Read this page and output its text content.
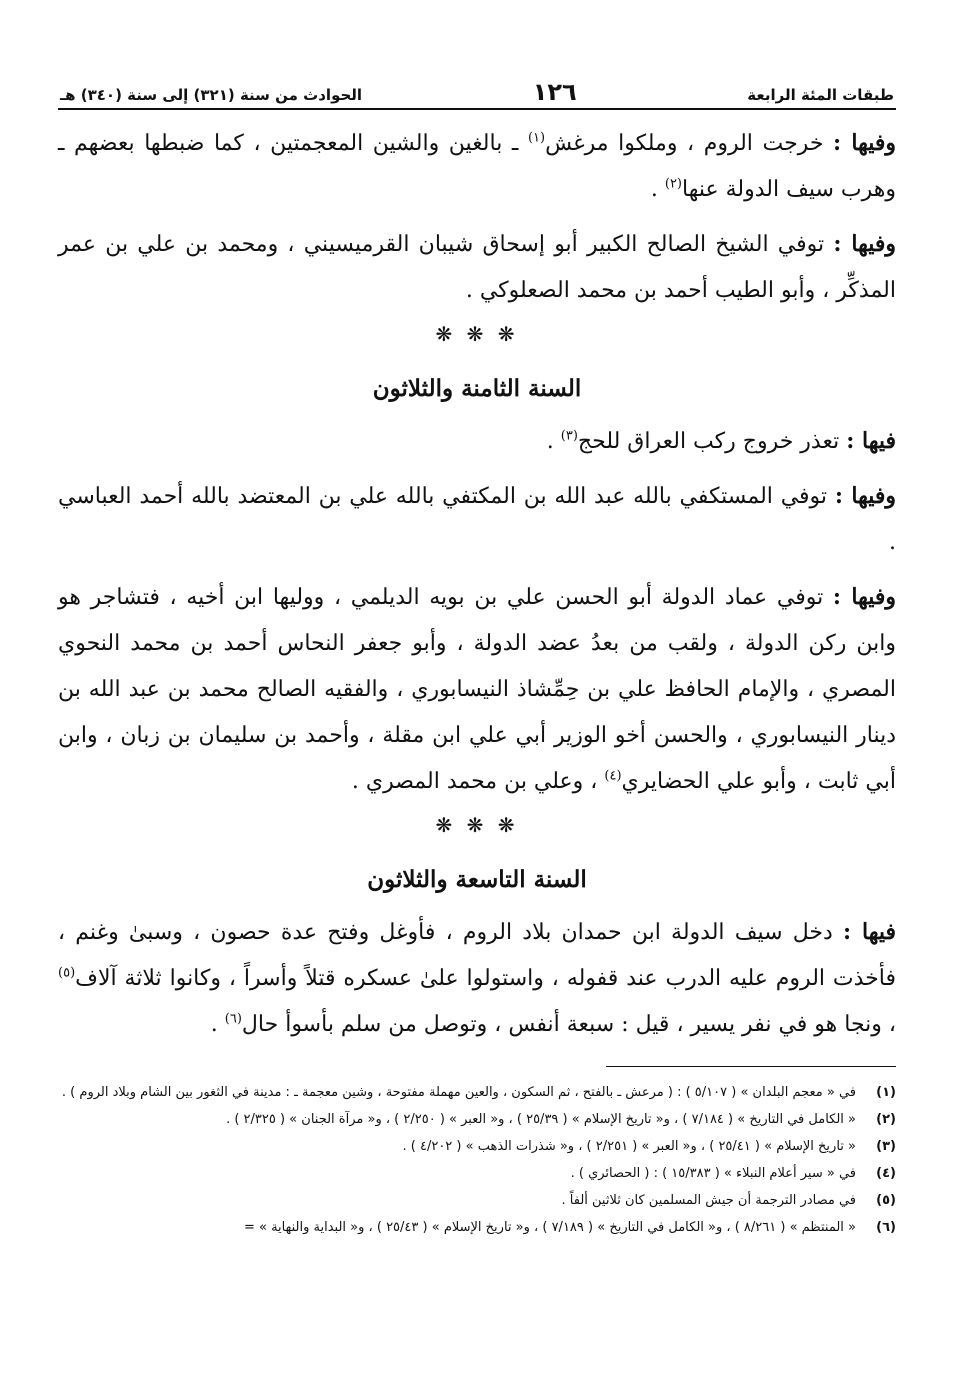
طبقات المئة الرابعة
١٢٦
الحوادث من سنة (٣٢١) إلى سنة (٣٤٠) هـ

وفيها : خرجت الروم ، وملكوا مرغش$^{(١)}$ ـ بالغين والشين المعجمتين ، كما ضبطها بعضهم ـ وهرب سيف الدولة عنها$^{(٢)}$ .

وفيها : توفي الشيخ الصالح الكبير أبو إسحاق شيبان القرميسيني ، ومحمد بن علي بن عمر المذكِّر ، وأبو الطيب أحمد بن محمد الصعلوكي .

❋ ❋ ❋
السنة الثامنة والثلاثون

فيها : تعذر خروج ركب العراق للحج$^{(٣)}$ .

وفيها : توفي المستكفي بالله عبد الله بن المكتفي بالله علي بن المعتضد بالله أحمد العباسي .

وفيها : توفي عماد الدولة أبو الحسن علي بن بويه الديلمي ، ووليها ابن أخيه ، فتشاجر هو وابن ركن الدولة ، ولقب من بعدُ عضد الدولة ، وأبو جعفر النحاس أحمد بن محمد النحوي المصري ، والإمام الحافظ علي بن حِمِّشاذ النيسابوري ، والفقيه الصالح محمد بن عبد الله بن دينار النيسابوري ، والحسن أخو الوزير أبي علي ابن مقلة ، وأحمد بن سليمان بن زبان ، وابن أبي ثابت ، وأبو علي الحضايري$^{(٤)}$ ، وعلي بن محمد المصري .

❋ ❋ ❋
السنة التاسعة والثلاثون

فيها : دخل سيف الدولة ابن حمدان بلاد الروم ، فأوغل وفتح عدة حصون ، وسبىٰ وغنم ، فأخذت الروم عليه الدرب عند قفوله ، واستولوا علىٰ عسكره قتلاً وأسراً ، وكانوا ثلاثة آلاف$^{(٥)}$ ، ونجا هو في نفر يسير ، قيل : سبعة أنفس ، وتوصل من سلم بأسوأ حال$^{(٦)}$ .

(١)
في « معجم البلدان » ( ٥/١٠٧ ) : ( مرعش ـ بالفتح ، ثم السكون ، والعين مهملة مفتوحة ، وشين معجمة ـ : مدينة في الثغور بين الشام وبلاد الروم ) .
(٢)
« الكامل في التاريخ » ( ٧/١٨٤ ) ، و« تاريخ الإسلام » ( ٢٥/٣٩ ) ، و« العبر » ( ٢/٢٥٠ ) ، و« مرآة الجنان » ( ٢/٣٢٥ ) .
(٣)
« تاريخ الإسلام » ( ٢٥/٤١ ) ، و« العبر » ( ٢/٢٥١ ) ، و« شذرات الذهب » ( ٤/٢٠٢ ) .
(٤)
في « سير أعلام النبلاء » ( ١٥/٣٨٣ ) : ( الحصائري ) .
(٥)
في مصادر الترجمة أن جيش المسلمين كان ثلاثين ألفاً .
(٦)
« المنتظم » ( ٨/٢٦١ ) ، و« الكامل في التاريخ » ( ٧/١٨٩ ) ، و« تاريخ الإسلام » ( ٢٥/٤٣ ) ، و« البداية والنهاية » =
